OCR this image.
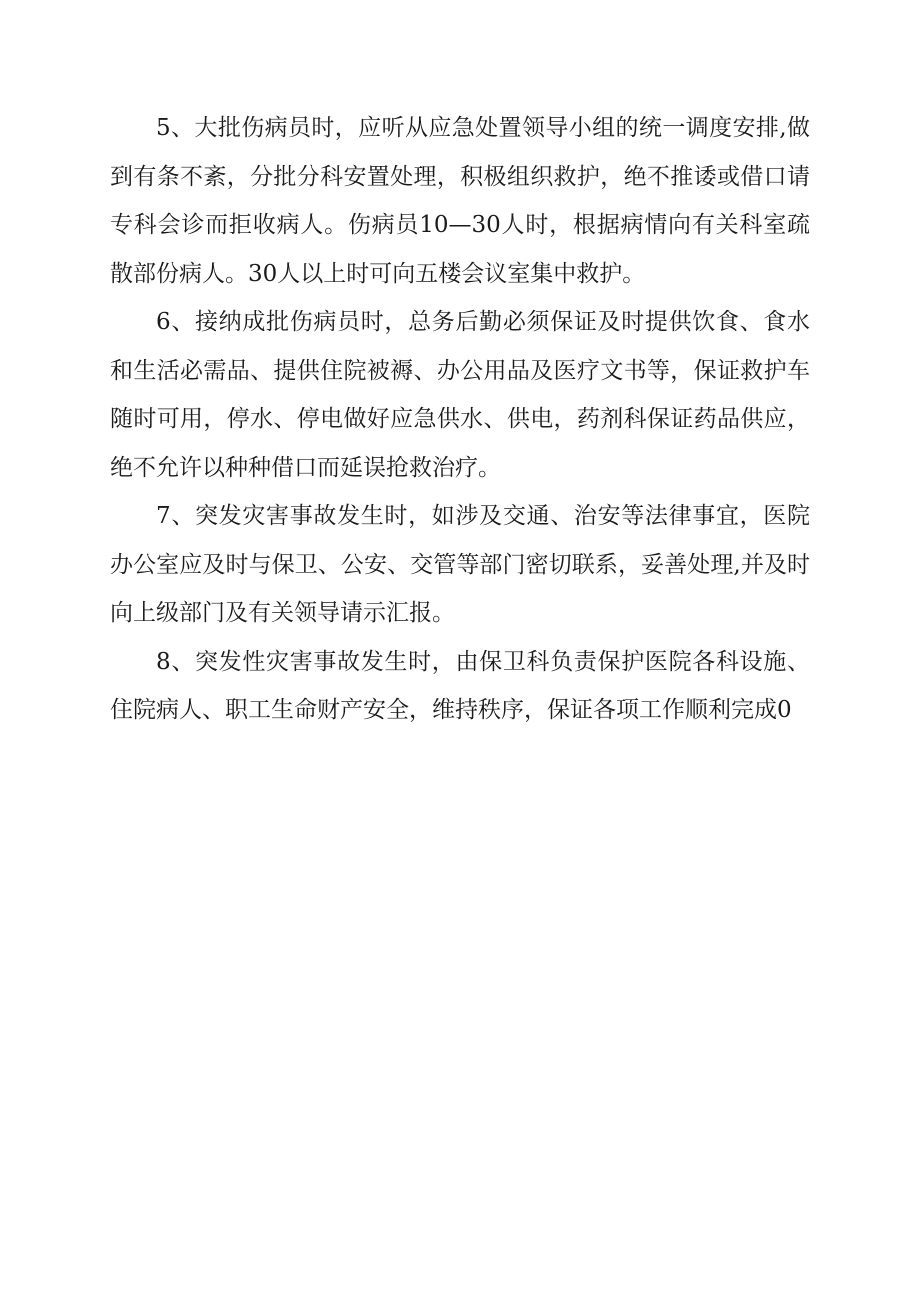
5、大批伤病员时，应听从应急处置领导小组的统一调度安排,做到有条不紊，分批分科安置处理，积极组织救护，绝不推诿或借口请专科会诊而拒收病人。伤病员10—30人时，根据病情向有关科室疏散部份病人。30人以上时可向五楼会议室集中救护。

6、接纳成批伤病员时，总务后勤必须保证及时提供饮食、食水和生活必需品、提供住院被褥、办公用品及医疗文书等，保证救护车随时可用，停水、停电做好应急供水、供电，药剂科保证药品供应，绝不允许以种种借口而延误抢救治疗。

7、突发灾害事故发生时，如涉及交通、治安等法律事宜，医院办公室应及时与保卫、公安、交管等部门密切联系，妥善处理,并及时向上级部门及有关领导请示汇报。

8、突发性灾害事故发生时，由保卫科负责保护医院各科设施、住院病人、职工生命财产安全，维持秩序，保证各项工作顺利完成0
